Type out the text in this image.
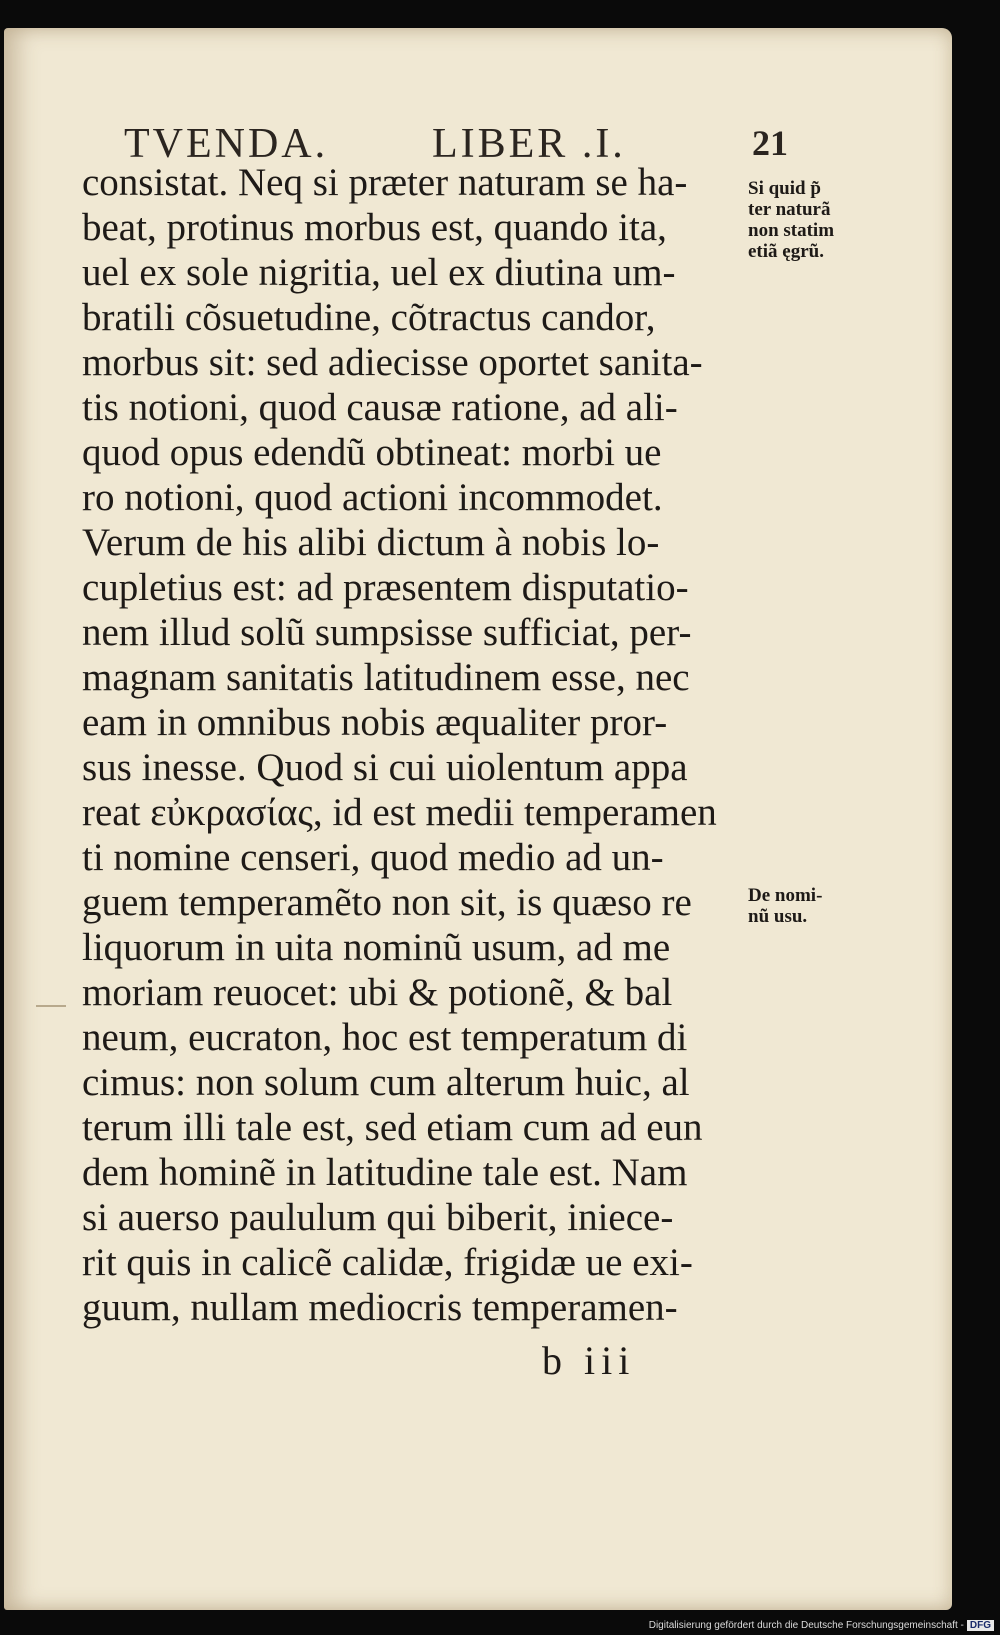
TVENDA. LIBER .I.	21
consistat. Neq si præter naturam se ha-
beat, protinus morbus est, quando ita,
uel ex sole nigritia, uel ex diutina um-
bratili cõsuetudine, cõtractus candor,
morbus sit: sed adiecisse oportet sanita-
tis notioni, quod causæ ratione, ad ali-
quod opus edendũ obtineat: morbi ue
ro notioni, quod actioni incommodet.
Verum de his alibi dictum à nobis lo-
cupletius est: ad præsentem disputatio-
nem illud solũ sumpsisse sufficiat, per-
magnam sanitatis latitudinem esse, nec
eam in omnibus nobis æqualiter pror-
sus inesse. Quod si cui uiolentum appa
reat εὐκρασίας, id est medii temperamen
ti nomine censeri, quod medio ad un-
guem temperamẽto non sit, is quæso re
liquorum in uita nominũ usum, ad me
moriam reuocet: ubi & potionẽ, & bal
neum, eucraton, hoc est temperatum di
cimus: non solum cum alterum huic, al
terum illi tale est, sed etiam cum ad eun
dem hominẽ in latitudine tale est. Nam
si auerso paululum qui biberit, iniece-
rit quis in calicẽ calidæ, frigidæ ue exi-
guum, nullam mediocris temperamen-
Si quid p̃
ter naturã
non statim
etiã ęgrũ.
De nomi-
nũ usu.
b iii
Digitalisierung gefördert durch die Deutsche Forschungsgemeinschaft - DFG
